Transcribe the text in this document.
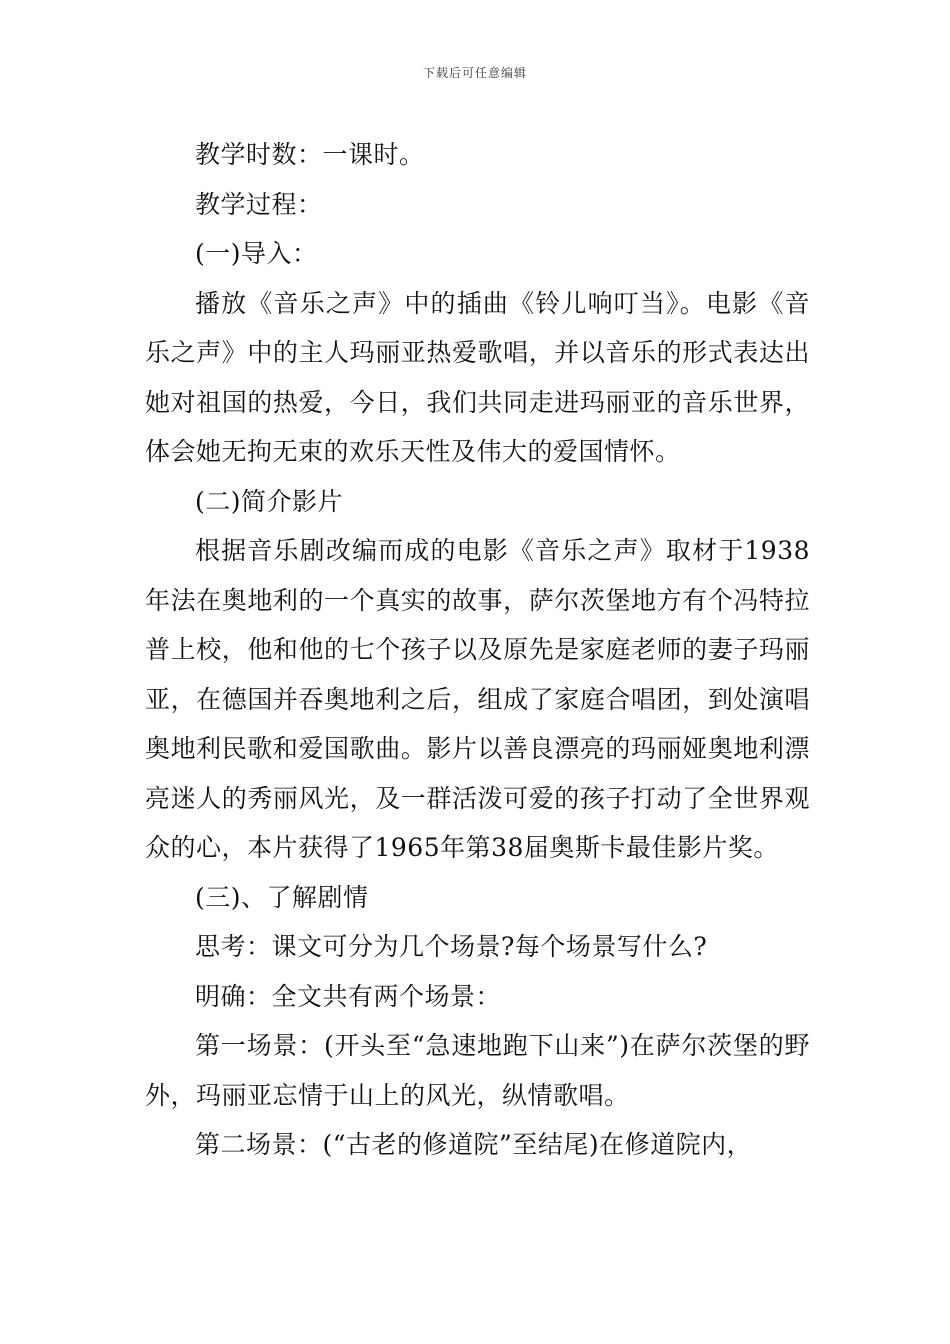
下载后可任意编辑

教学时数：一课时。

教学过程：

(一)导入：

播放《音乐之声》中的插曲《铃儿响叮当》。电影《音乐之声》中的主人玛丽亚热爱歌唱，并以音乐的形式表达出她对祖国的热爱，今日，我们共同走进玛丽亚的音乐世界，体会她无拘无束的欢乐天性及伟大的爱国情怀。

(二)简介影片

根据音乐剧改编而成的电影《音乐之声》取材于1938年法在奥地利的一个真实的故事，萨尔茨堡地方有个冯特拉普上校，他和他的七个孩子以及原先是家庭老师的妻子玛丽亚，在德国并吞奥地利之后，组成了家庭合唱团，到处演唱奥地利民歌和爱国歌曲。影片以善良漂亮的玛丽娅奥地利漂亮迷人的秀丽风光，及一群活泼可爱的孩子打动了全世界观众的心，本片获得了1965年第38届奥斯卡最佳影片奖。

(三)、了解剧情

思考：课文可分为几个场景?每个场景写什么?

明确：全文共有两个场景：

第一场景：(开头至“急速地跑下山来”)在萨尔茨堡的野外，玛丽亚忘情于山上的风光，纵情歌唱。

第二场景：(“古老的修道院”至结尾)在修道院内，
